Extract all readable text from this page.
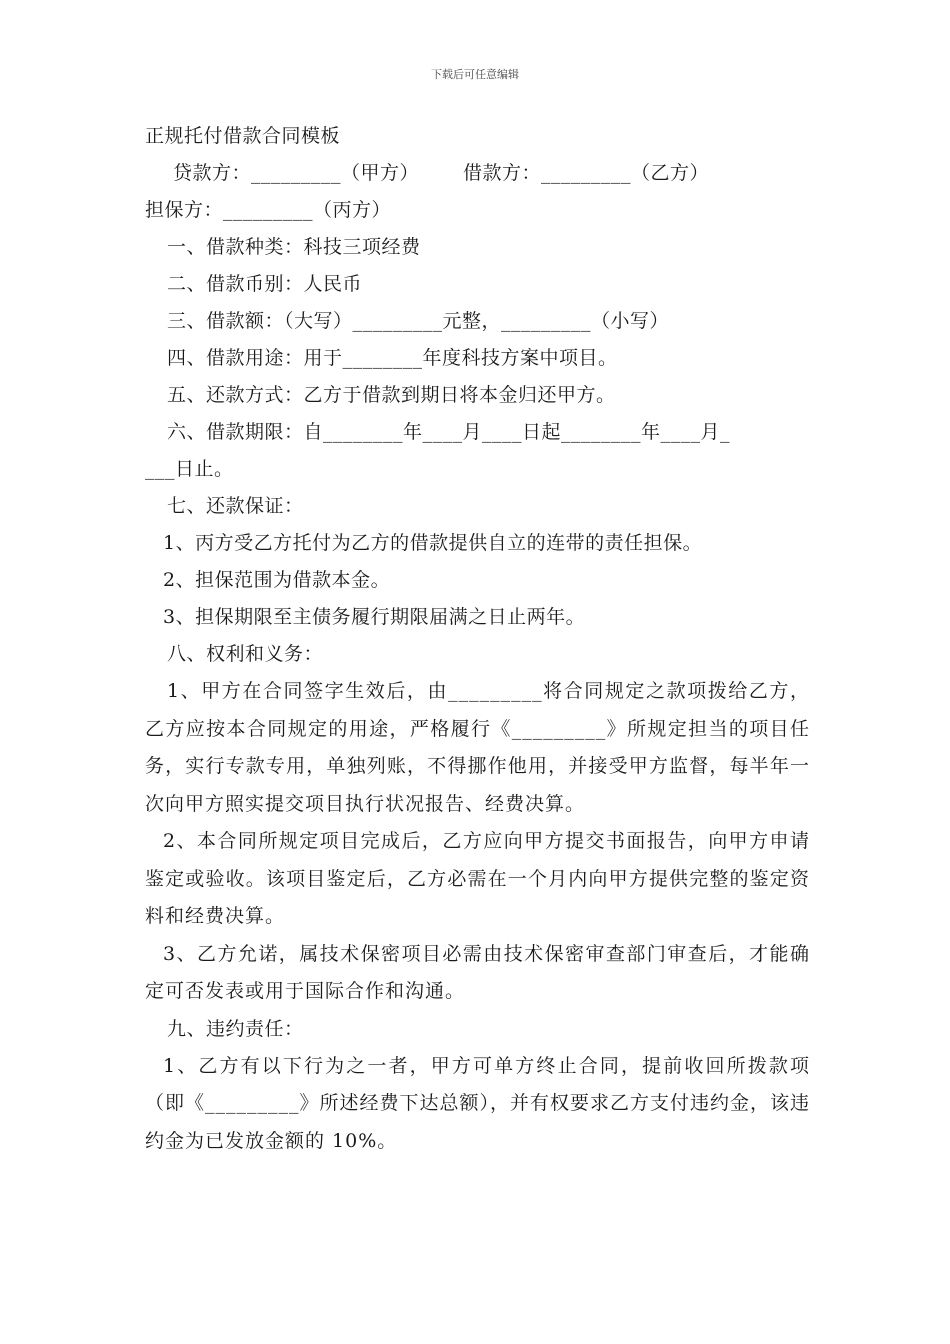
下载后可任意编辑
正规托付借款合同模板
贷款方：_________（甲方） 借款方：_________（乙方）
担保方：_________（丙方）
一、借款种类：科技三项经费
二、借款币别：人民币
三、借款额：（大写）_________元整，_________（小写）
四、借款用途：用于________年度科技方案中项目。
五、还款方式：乙方于借款到期日将本金归还甲方。
六、借款期限：自________年____月____日起________年____月_
___日止。
七、还款保证：
1、丙方受乙方托付为乙方的借款提供自立的连带的责任担保。
2、担保范围为借款本金。
3、担保期限至主债务履行期限届满之日止两年。
八、权利和义务：

1、甲方在合同签字生效后，由_________将合同规定之款项拨给乙方，乙方应按本合同规定的用途，严格履行《_________》所规定担当的项目任务，实行专款专用，单独列账，不得挪作他用，并接受甲方监督，每半年一次向甲方照实提交项目执行状况报告、经费决算。

2、本合同所规定项目完成后，乙方应向甲方提交书面报告，向甲方申请鉴定或验收。该项目鉴定后，乙方必需在一个月内向甲方提供完整的鉴定资料和经费决算。

3、乙方允诺，属技术保密项目必需由技术保密审查部门审查后，才能确定可否发表或用于国际合作和沟通。

九、违约责任：

1、乙方有以下行为之一者，甲方可单方终止合同，提前收回所拨款项（即《_________》所述经费下达总额），并有权要求乙方支付违约金，该违约金为已发放金额的 10%。
